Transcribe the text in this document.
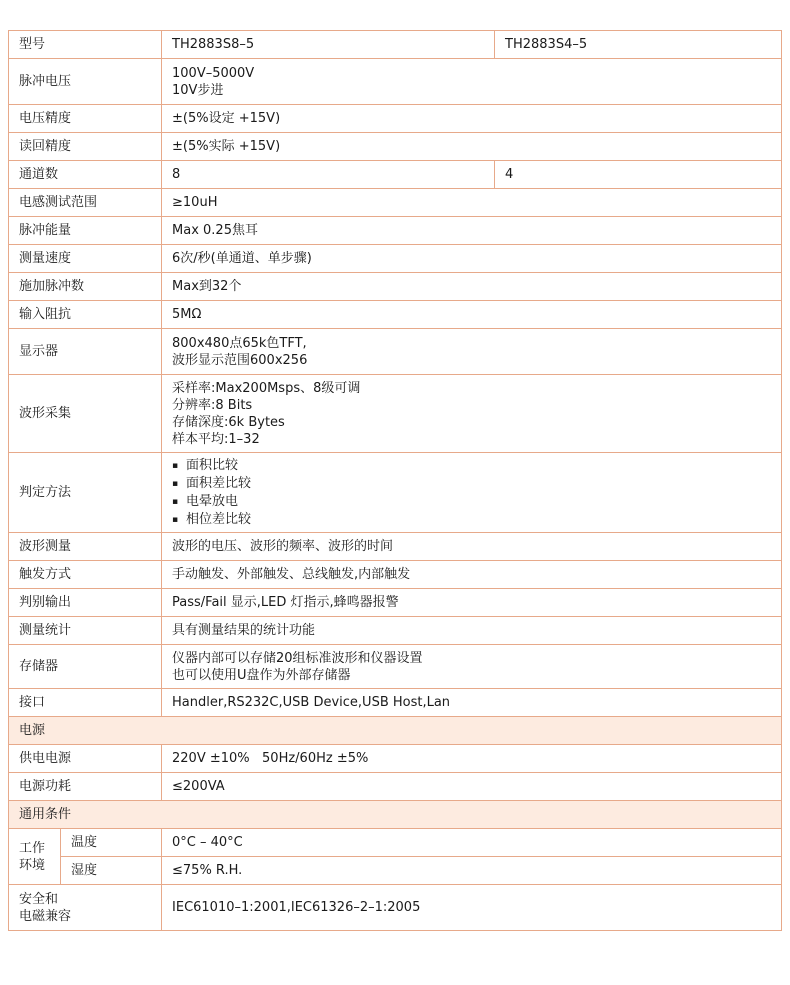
型号		TH2883S8–5	TH2883S4–5
脉冲电压		100V–5000V
10V步进	

电压精度		±(5%设定 +15V)	
读回精度		±(5%实际 +15V)	
通道数		8	4
电感测试范围		≥10uH	
脉冲能量		Max 0.25焦耳	
测量速度		6次/秒(单通道、单步骤)	
施加脉冲数		Max到32个	
输入阻抗		5MΩ	
显示器		800x480点65k色TFT,
波形显示范围600x256	

波形采集		采样率:Max200Msps、8级可调
分辨率:8 Bits
存储深度:6k Bytes
样本平均:1–32	

判定方法		▪ 面积比较
▪ 面积差比较
▪ 电晕放电
▪ 相位差比较

波形测量		波形的电压、波形的频率、波形的时间	
触发方式		手动触发、外部触发、总线触发,内部触发	
判别输出		Pass/Fail 显示,LED 灯指示,蜂鸣器报警	
测量统计		具有测量结果的统计功能	
存储器		仪器内部可以存储20组标准波形和仪器设置
也可以使用U盘作为外部存储器	

接口		Handler,RS232C,USB Device,USB Host,Lan	
电源			
供电电源		220V ±10%   50Hz/60Hz ±5%	
电源功耗		≤200VA	
通用条件			

工作
环境	温度	0°C – 40°C	
	湿度	≤75% R.H.	

安全和
电磁兼容		IEC61010–1:2001,IEC61326–2–1:2005	
